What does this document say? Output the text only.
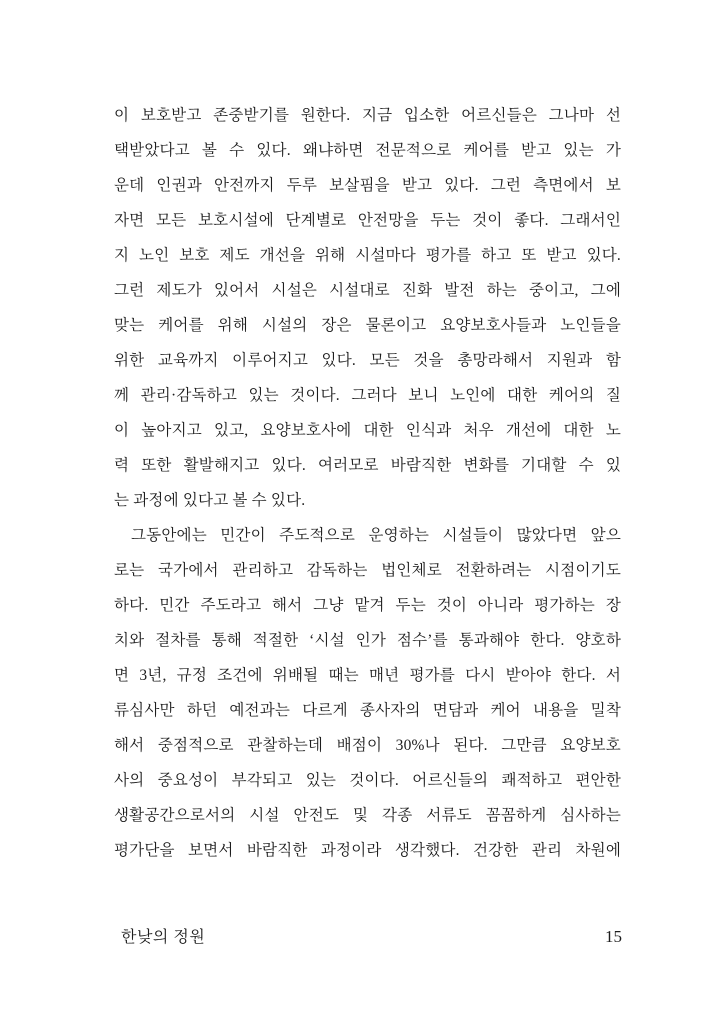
이 보호받고 존중받기를 원한다. 지금 입소한 어르신들은 그나마 선
택받았다고 볼 수 있다. 왜냐하면 전문적으로 케어를 받고 있는 가
운데 인권과 안전까지 두루 보살핌을 받고 있다. 그런 측면에서 보
자면 모든 보호시설에 단계별로 안전망을 두는 것이 좋다. 그래서인
지 노인 보호 제도 개선을 위해 시설마다 평가를 하고 또 받고 있다.
그런 제도가 있어서 시설은 시설대로 진화 발전 하는 중이고, 그에
맞는 케어를 위해 시설의 장은 물론이고 요양보호사들과 노인들을
위한 교육까지 이루어지고 있다. 모든 것을 총망라해서 지원과 함
께 관리·감독하고 있는 것이다. 그러다 보니 노인에 대한 케어의 질
이 높아지고 있고, 요양보호사에 대한 인식과 처우 개선에 대한 노
력 또한 활발해지고 있다. 여러모로 바람직한 변화를 기대할 수 있
는 과정에 있다고 볼 수 있다.
그동안에는 민간이 주도적으로 운영하는 시설들이 많았다면 앞으
로는 국가에서 관리하고 감독하는 법인체로 전환하려는 시점이기도
하다. 민간 주도라고 해서 그냥 맡겨 두는 것이 아니라 평가하는 장
치와 절차를 통해 적절한 ‘시설 인가 점수’를 통과해야 한다. 양호하
면 3년, 규정 조건에 위배될 때는 매년 평가를 다시 받아야 한다. 서
류심사만 하던 예전과는 다르게 종사자의 면담과 케어 내용을 밀착
해서 중점적으로 관찰하는데 배점이 30%나 된다. 그만큼 요양보호
사의 중요성이 부각되고 있는 것이다. 어르신들의 쾌적하고 편안한
생활공간으로서의 시설 안전도 및 각종 서류도 꼼꼼하게 심사하는
평가단을 보면서 바람직한 과정이라 생각했다. 건강한 관리 차원에
한낮의 정원	15
